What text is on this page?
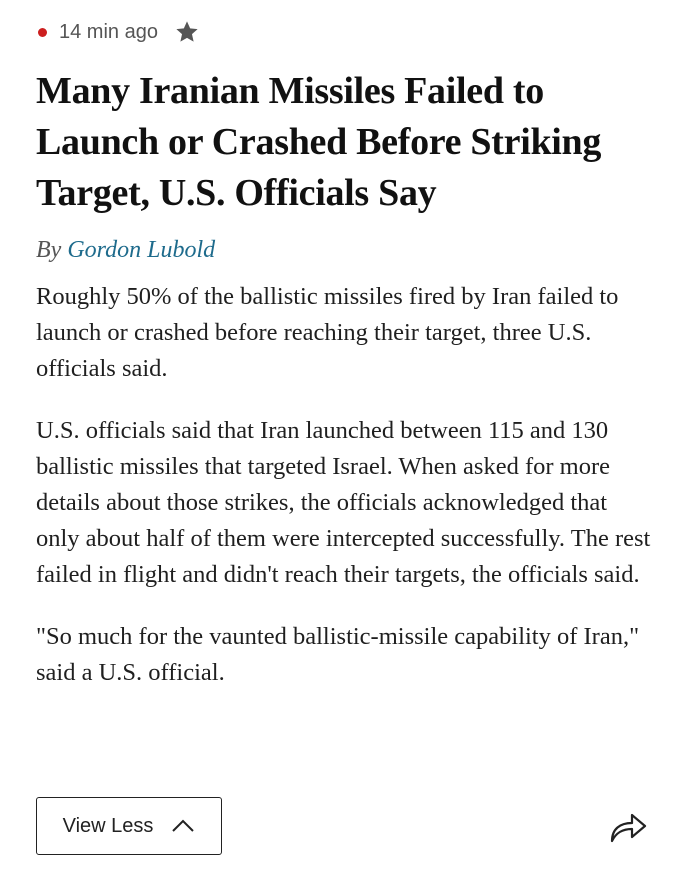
14 min ago
Many Iranian Missiles Failed to Launch or Crashed Before Striking Target, U.S. Officials Say
By Gordon Lubold

Roughly 50% of the ballistic missiles fired by Iran failed to launch or crashed before reaching their target, three U.S. officials said.

U.S. officials said that Iran launched between 115 and 130 ballistic missiles that targeted Israel. When asked for more details about those strikes, the officials acknowledged that only about half of them were intercepted successfully. The rest failed in flight and didn't reach their targets, the officials said.

"So much for the vaunted ballistic-missile capability of Iran," said a U.S. official.

View Less
